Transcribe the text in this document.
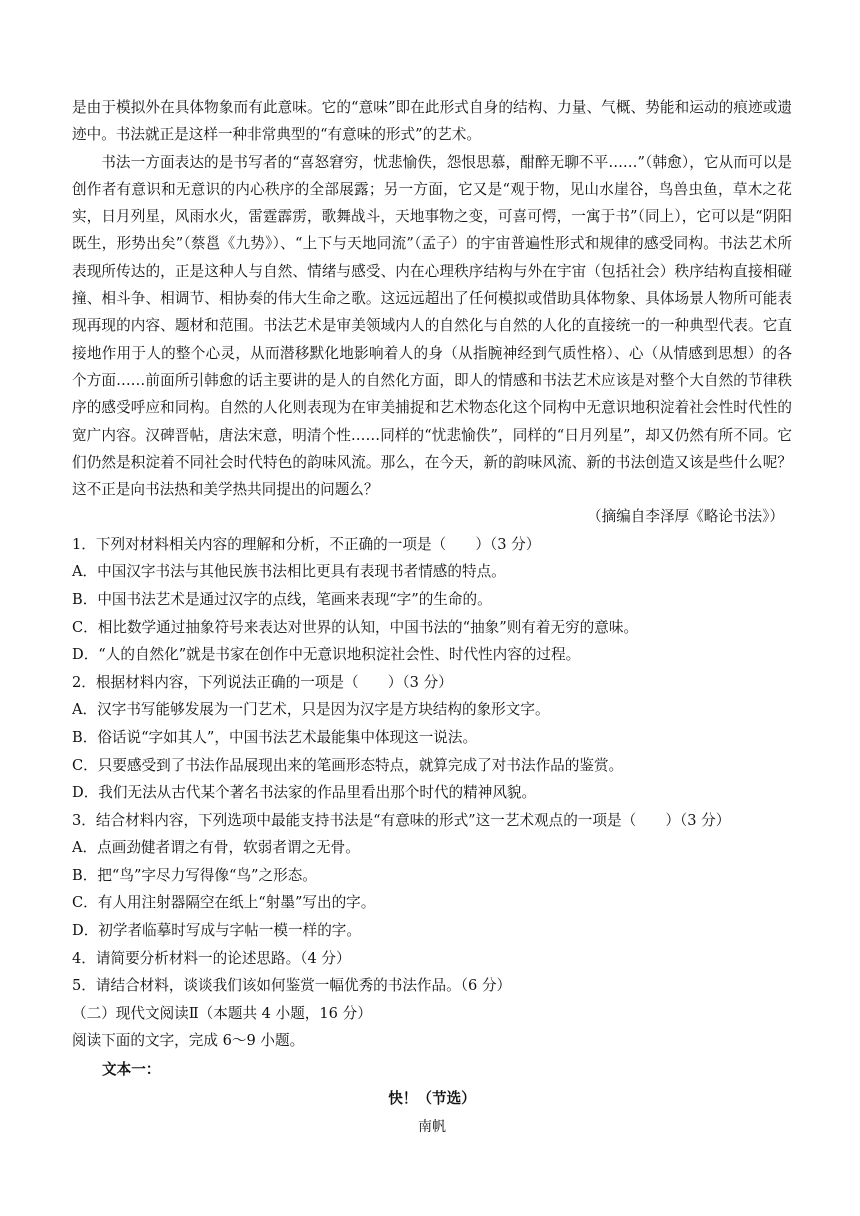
是由于模拟外在具体物象而有此意味。它的“意味”即在此形式自身的结构、力量、气概、势能和运动的痕迹或遗迹中。书法就正是这样一种非常典型的“有意味的形式”的艺术。

书法一方面表达的是书写者的“喜怒窘穷，忧悲愉佚，怨恨思慕，酣醉无聊不平……”（韩愈），它从而可以是创作者有意识和无意识的内心秩序的全部展露；另一方面，它又是“观于物，见山水崖谷，鸟兽虫鱼，草木之花实，日月列星，风雨水火，雷霆霹雳，歌舞战斗，天地事物之变，可喜可愕，一寓于书”（同上），它可以是“阴阳既生，形势出矣”（蔡邕《九势》）、“上下与天地同流”（孟子）的宇宙普遍性形式和规律的感受同构。书法艺术所表现所传达的，正是这种人与自然、情绪与感受、内在心理秩序结构与外在宇宙（包括社会）秩序结构直接相碰撞、相斗争、相调节、相协奏的伟大生命之歌。这远远超出了任何模拟或借助具体物象、具体场景人物所可能表现再现的内容、题材和范围。书法艺术是审美领域内人的自然化与自然的人化的直接统一的一种典型代表。它直接地作用于人的整个心灵，从而潜移默化地影响着人的身（从指腕神经到气质性格）、心（从情感到思想）的各个方面……前面所引韩愈的话主要讲的是人的自然化方面，即人的情感和书法艺术应该是对整个大自然的节律秩序的感受呼应和同构。自然的人化则表现为在审美捕捉和艺术物态化这个同构中无意识地积淀着社会性时代性的宽广内容。汉碑晋帖，唐法宋意，明清个性……同样的“忧悲愉佚”，同样的“日月列星”，却又仍然有所不同。它们仍然是积淀着不同社会时代特色的韵味风流。那么，在今天，新的韵味风流、新的书法创造又该是些什么呢？这不正是向书法热和美学热共同提出的问题么？

（摘编自李泽厚《略论书法》）

1．下列对材料相关内容的理解和分析，不正确的一项是（　　）（3 分）

A．中国汉字书法与其他民族书法相比更具有表现书者情感的特点。

B．中国书法艺术是通过汉字的点线，笔画来表现“字”的生命的。

C．相比数学通过抽象符号来表达对世界的认知，中国书法的“抽象”则有着无穷的意味。

D．“人的自然化”就是书家在创作中无意识地积淀社会性、时代性内容的过程。

2．根据材料内容，下列说法正确的一项是（　　）（3 分）

A．汉字书写能够发展为一门艺术，只是因为汉字是方块结构的象形文字。

B．俗话说“字如其人”，中国书法艺术最能集中体现这一说法。

C．只要感受到了书法作品展现出来的笔画形态特点，就算完成了对书法作品的鉴赏。

D．我们无法从古代某个著名书法家的作品里看出那个时代的精神风貌。

3．结合材料内容，下列选项中最能支持书法是“有意味的形式”这一艺术观点的一项是（　　）（3 分）

A．点画劲健者谓之有骨，软弱者谓之无骨。

B．把“鸟”字尽力写得像“鸟”之形态。

C．有人用注射器隔空在纸上“射墨”写出的字。

D．初学者临摹时写成与字帖一模一样的字。

4．请简要分析材料一的论述思路。（4 分）

5．请结合材料，谈谈我们该如何鉴赏一幅优秀的书法作品。（6 分）

（二）现代文阅读Ⅱ（本题共 4 小题，16 分）

阅读下面的文字，完成 6～9 小题。

文本一：

快！（节选）

南帆
